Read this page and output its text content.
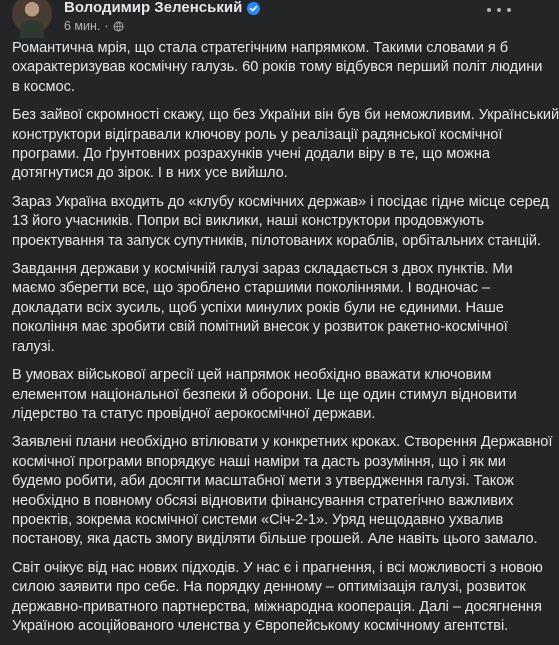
Володимир Зеленський
6 мин. ·
Романтична мрія, що стала стратегічним напрямком. Такими словами я б
охарактеризував космічну галузь. 60 років тому відбувся перший політ людини
в космос.
Без зайвої скромності скажу, що без України він був би неможливим. Український
конструктори відігравали ключову роль у реалізації радянської космічної
програми. До ґрунтовних розрахунків учені додали віру в те, що можна
дотягнутися до зірок. І в них усе вийшло.
Зараз Україна входить до «клубу космічних держав» і посідає гідне місце серед
13 його учасників. Попри всі виклики, наші конструктори продовжують
проектування та запуск супутників, пілотованих кораблів, орбітальних станцій.
Завдання держави у космічній галузі зараз складається з двох пунктів. Ми
маємо зберегти все, що зроблено старшими поколіннями. І водночас –
докладати всіх зусиль, щоб успіхи минулих років були не єдиними. Наше
покоління має зробити свій помітний внесок у розвиток ракетно-космічної
галузі.
В умовах військової агресії цей напрямок необхідно вважати ключовим
елементом національної безпеки й оборони. Це ще один стимул відновити
лідерство та статус провідної аерокосмічної держави.
Заявлені плани необхідно втілювати у конкретних кроках. Створення Державної
космічної програми впорядкує наші наміри та дасть розуміння, що і як ми
будемо робити, аби досягти масштабної мети з утвердження галузі. Також
необхідно в повному обсязі відновити фінансування стратегічно важливих
проектів, зокрема космічної системи «Січ-2-1». Уряд нещодавно ухвалив
постанову, яка дасть змогу виділяти більше грошей. Але навіть цього замало.
Світ очікує від нас нових підходів. У нас є і прагнення, і всі можливості з новою
силою заявити про себе. На порядку денному – оптимізація галузі, розвиток
державно-приватного партнерства, міжнародна кооперація. Далі – досягнення
Україною асоційованого членства у Європейському космічному агентстві.
